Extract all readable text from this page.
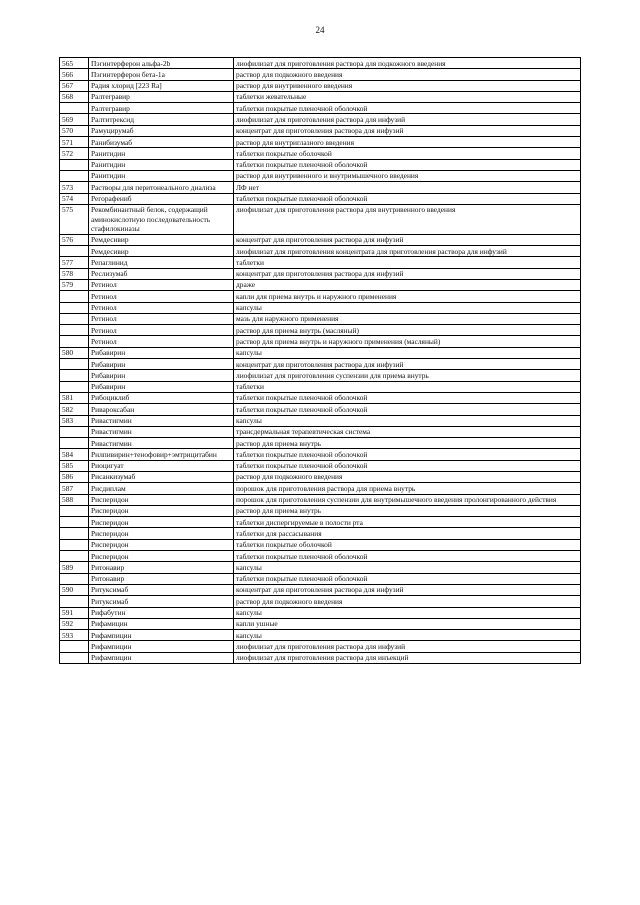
24
565	Пэгинтерферон альфа-2b	лиофилизат для приготовления раствора для подкожного введения
566	Пэгинтерферон бета-1а	раствор для подкожного введения
567	Радия хлорид [223 Ra]	раствор для внутривенного введения
568	Ралтегравир	таблетки жевательные
	Ралтегравир	таблетки покрытые пленочной оболочкой
569	Ралтитрексид	лиофилизат для приготовления раствора для инфузий
570	Рамуцирумаб	концентрат для приготовления раствора для инфузий
571	Ранибизумаб	раствор для внутриглазного введения
572	Ранитидин	таблетки покрытые оболочкой
	Ранитидин	таблетки покрытые пленочной оболочкой
	Ранитидин	раствор для внутривенного и внутримышечного введения
573	Растворы для перитонеального диализа	ЛФ нет
574	Регорафениб	таблетки покрытые пленочной оболочкой
575	Рекомбинантный белок, содержащий аминокислотную последовательность стафилокиназы	лиофилизат для приготовления раствора для внутривенного введения
576	Ремдесивир	концентрат для приготовления раствора для инфузий
	Ремдесивир	лиофилизат для приготовления концентрата для приготовления раствора для инфузий
577	Репаглинид	таблетки
578	Реслизумаб	концентрат для приготовления раствора для инфузий
579	Ретинол	драже
	Ретинол	капли для приема внутрь и наружного применения
	Ретинол	капсулы
	Ретинол	мазь для наружного применения
	Ретинол	раствор для приема внутрь (масляный)
	Ретинол	раствор для приема внутрь и наружного применения (масляный)
580	Рибавирин	капсулы
	Рибавирин	концентрат для приготовления раствора для инфузий
	Рибавирин	лиофилизат для приготовления суспензии для приема внутрь
	Рибавирин	таблетки
581	Рибоциклиб	таблетки покрытые пленочной оболочкой
582	Ривароксабан	таблетки покрытые пленочной оболочкой
583	Ривастигмин	капсулы
	Ривастигмин	трансдермальная терапевтическая система
	Ривастигмин	раствор для приема внутрь
584	Рилпивирин+тенофовир+эмтрицитабин	таблетки покрытые пленочной оболочкой
585	Риоцигуат	таблетки покрытые пленочной оболочкой
586	Рисанкизумаб	раствор для подкожного введения
587	Рисдиплам	порошок для приготовления раствора для приема внутрь
588	Рисперидон	порошок для приготовления суспензии для внутримышечного введения пролонгированного действия
	Рисперидон	раствор для приема внутрь
	Рисперидон	таблетки диспергируемые в полости рта
	Рисперидон	таблетки для рассасывания
	Рисперидон	таблетки покрытые оболочкой
	Рисперидон	таблетки покрытые пленочной оболочкой
589	Ритонавир	капсулы
	Ритонавир	таблетки покрытые пленочной оболочкой
590	Ритуксимаб	концентрат для приготовления раствора для инфузий
	Ритуксимаб	раствор для подкожного введения
591	Рифабутин	капсулы
592	Рифамицин	капли ушные
593	Рифампицин	капсулы
	Рифампицин	лиофилизат для приготовления раствора для инфузий
	Рифампицин	лиофилизат для приготовления раствора для инъекций
